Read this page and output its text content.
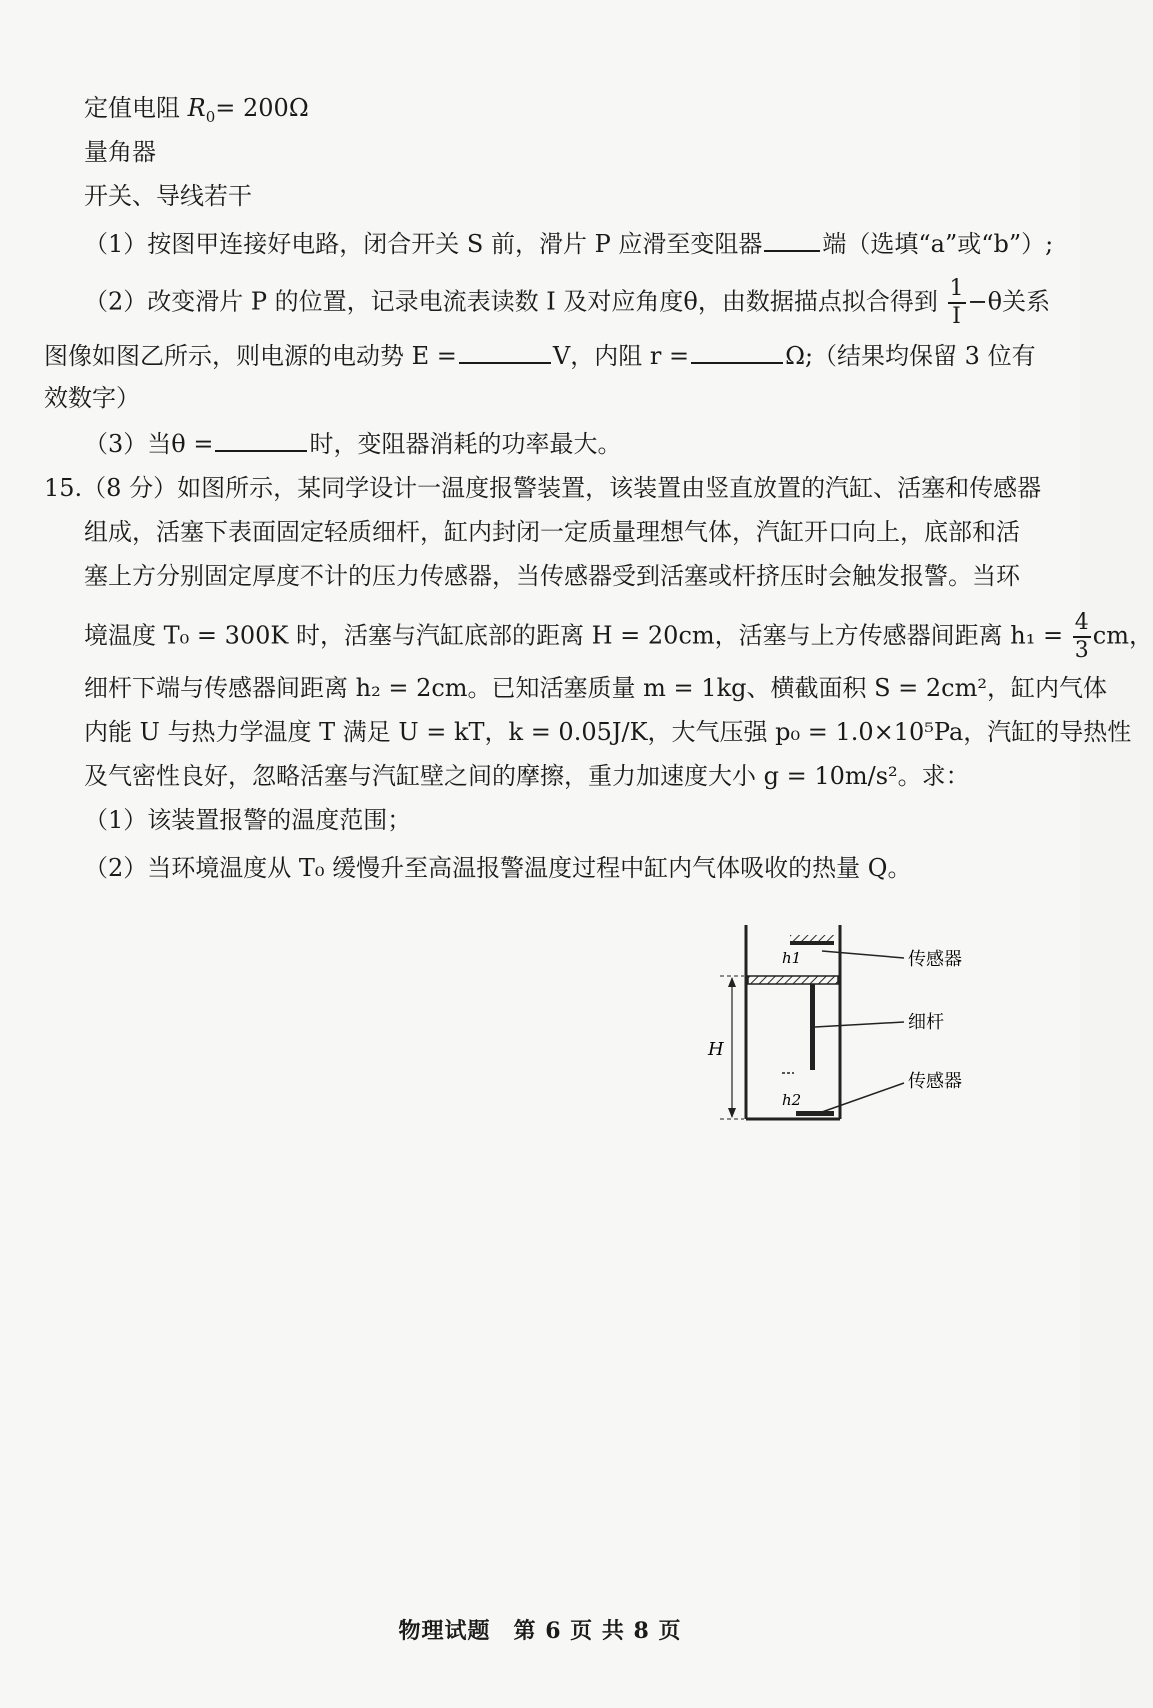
定值电阻 $R_0= 200\Omega$
量角器
开关、导线若干
（1）按图甲连接好电路，闭合开关 S 前，滑片 P 应滑至变阻器	端（选填“a”或“b”）;
（2）改变滑片 P 的位置，记录电流表读数 I 及对应角度θ，由数据描点拟合得到 $\frac{1}{I} -\theta$关系
图像如图乙所示，则电源的电动势 E =	V，内阻 r =	Ω;（结果均保留 3 位有
效数字）
（3）当θ =	时，变阻器消耗的功率最大。
15.（8 分）如图所示，某同学设计一温度报警装置，该装置由竖直放置的汽缸、活塞和传感器
组成，活塞下表面固定轻质细杆，缸内封闭一定质量理想气体，汽缸开口向上，底部和活
塞上方分别固定厚度不计的压力传感器，当传感器受到活塞或杆挤压时会触发报警。当环
境温度 T₀ = 300K 时，活塞与汽缸底部的距离 H = 20cm，活塞与上方传感器间距离 $h_1 = \frac{4}{3}$ cm，
细杆下端与传感器间距离 h₂ = 2cm。已知活塞质量 m = 1kg、横截面积 S = 2cm²，缸内气体
内能 U 与热力学温度 T 满足 U = kT，k = 0.05J/K，大气压强 p₀ = 1.0×10⁵Pa，汽缸的导热性
及气密性良好，忽略活塞与汽缸壁之间的摩擦，重力加速度大小 g = 10m/s²。求：
（1）该装置报警的温度范围；
（2）当环境温度从 T₀ 缓慢升至高温报警温度过程中缸内气体吸收的热量 Q。
h1
h2
H
传感器
细杆
传感器
物理试题　第 6 页 共 8 页
